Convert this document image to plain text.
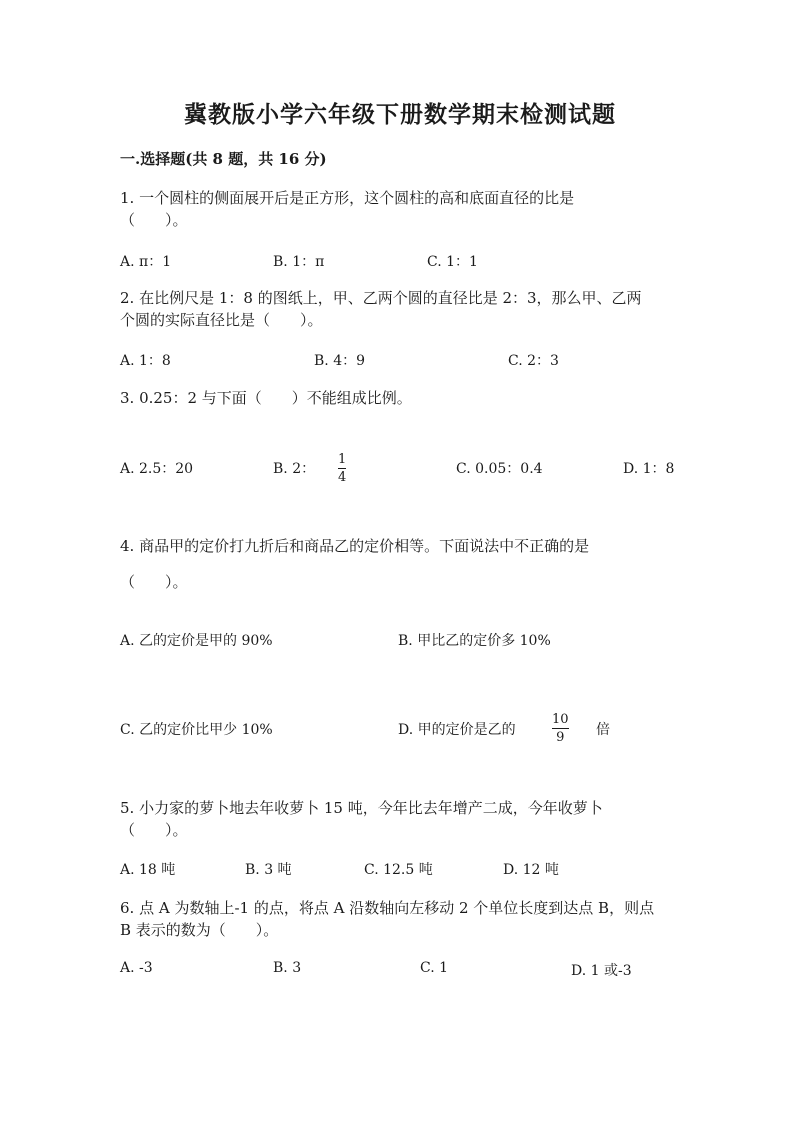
冀教版小学六年级下册数学期末检测试题
一.选择题(共 8 题，共 16 分)
1. 一个圆柱的侧面展开后是正方形，这个圆柱的高和底面直径的比是
（　　）。
A. π：1	B. 1：π	C. 1：1
2. 在比例尺是 1：8 的图纸上，甲、乙两个圆的直径比是 2：3，那么甲、乙两
个圆的实际直径比是（　　）。
A. 1：8	B. 4：9	C. 2：3
3. 0.25：2 与下面（　　）不能组成比例。
A. 2.5：20	B. 2：
1
4
C. 0.05：0.4	D. 1：8
4. 商品甲的定价打九折后和商品乙的定价相等。下面说法中不正确的是
（　　）。
A. 乙的定价是甲的 90%	B. 甲比乙的定价多 10%
C. 乙的定价比甲少 10%	D. 甲的定价是乙的
10
9 倍
5. 小力家的萝卜地去年收萝卜 15 吨，今年比去年增产二成，今年收萝卜
（　　）。
A. 18 吨	B. 3 吨	C. 12.5 吨	D. 12 吨
6. 点 A 为数轴上-1 的点，将点 A 沿数轴向左移动 2 个单位长度到达点 B，则点
B 表示的数为（　　）。
A. -3	B. 3	C. 1	D. 1 或-3
